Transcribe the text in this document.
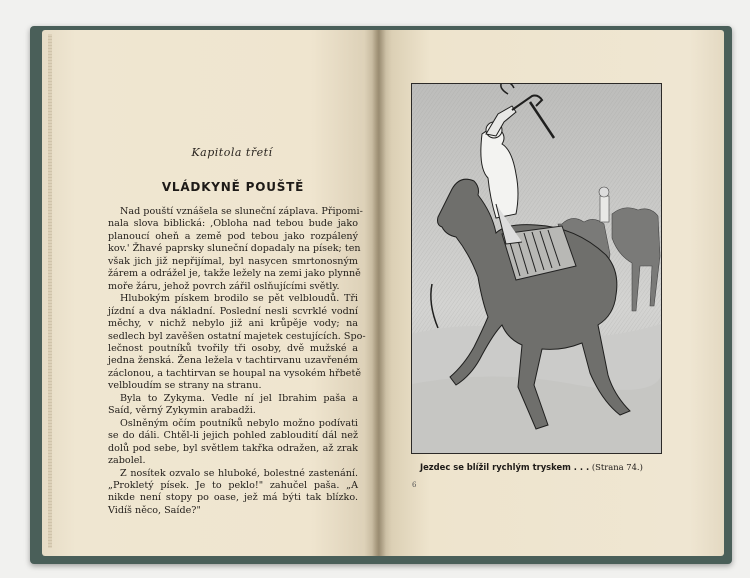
Kapitola třetí
VLÁDKYNĚ POUŠTĚ
Nad pouští vznášela se sluneční záplava. Připomi-
nala slova biblická: ‚Obloha nad tebou bude jako
planoucí oheň a země pod tebou jako rozpálený
kov.' Žhavé paprsky sluneční dopadaly na písek; ten
však jich již nepřijímal, byl nasycen smrtonosným
žárem a odrážel je, takže ležely na zemi jako plynně
moře žáru, jehož povrch zářil oslňujícími světly.
Hlubokým pískem brodilo se pět velbloudů. Tři
jízdní a dva nákladní. Poslední nesli scvrklé vodní
měchy, v nichž nebylo již ani krůpěje vody; na
sedlech byl zavěšen ostatní majetek cestujících. Spo-
lečnost poutníků tvořily tři osoby, dvě mužské a
jedna ženská. Žena ležela v tachtirvanu uzavřeném
záclonou, a tachtirvan se houpal na vysokém hřbetě
velbloudím se strany na stranu.
Byla to Zykyma. Vedle ní jel Ibrahim paša a
Saíd, věrný Zykymin arabadži.
Oslněným očím poutníků nebylo možno podívati
se do dáli. Chtěl-li jejich pohled zabloudití dál než
dolů pod sebe, byl světlem takřka odražen, až zrak
zabolel.
Z nosítek ozvalo se hluboké, bolestné zastenání.
„Prokletý písek. Je to peklo!" zahučel paša. „A
nikde není stopy po oase, jež má býti tak blízko.
Vidíš něco, Saíde?"
Jezdec se blížil rychlým tryskem . . . (Strana 74.)
6
